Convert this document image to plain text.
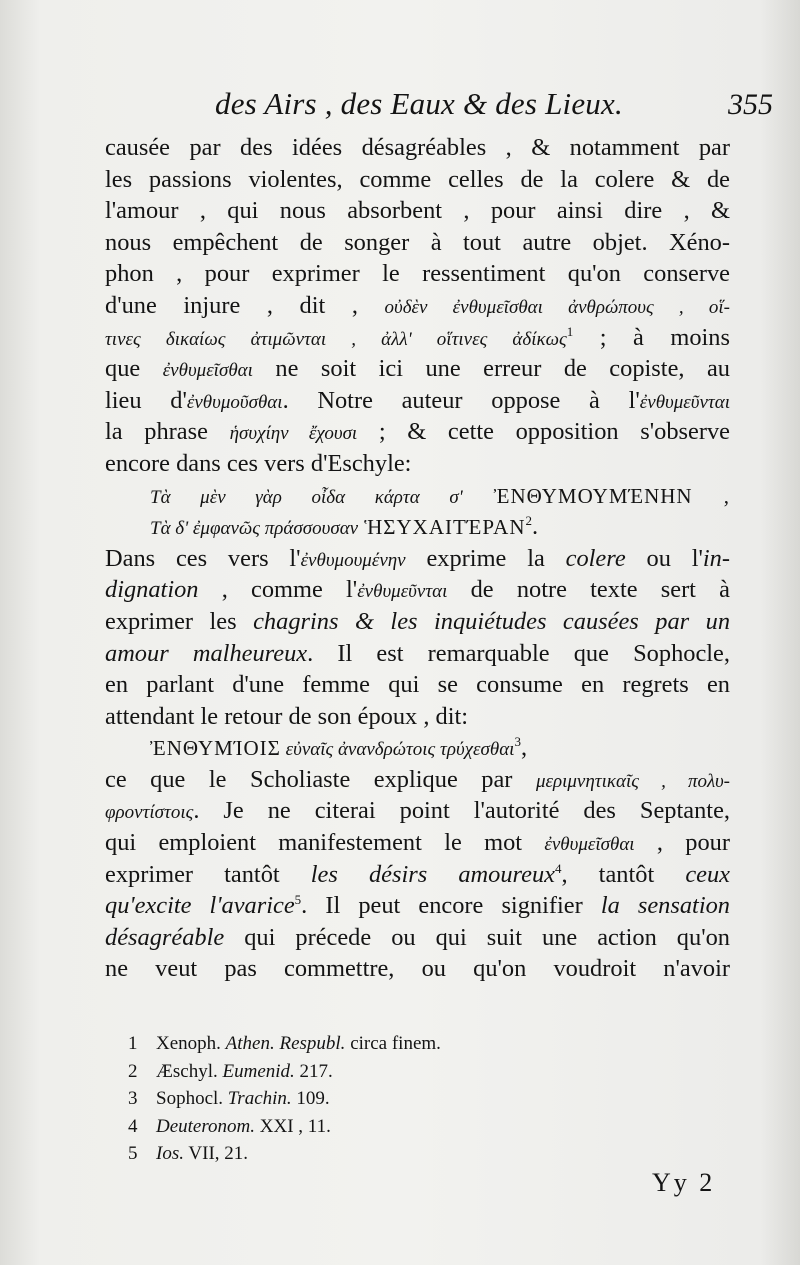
des Airs , des Eaux & des Lieux.	355
causée par des idées désagréables , & notamment par
les passions violentes, comme celles de la colere & de
l'amour , qui nous absorbent , pour ainsi dire , &
nous empêchent de songer à tout autre objet. Xéno-
phon , pour exprimer le ressentiment qu'on conserve
d'une injure , dit , οὐδὲν ἐνθυμεῖσθαι ἀνθρώπους , οἵ-
τινες δικαίως ἀτιμῶνται , ἀλλ' οἵτινες ἀδίκως$^1$ ; à moins
que ἐνθυμεῖσθαι ne soit ici une erreur de copiste, au
lieu d'ἐνθυμοῦσθαι. Notre auteur oppose à l'ἐνθυμεῦνται
la phrase ἡσυχίην ἔχουσι ; & cette opposition s'observe
encore dans ces vers d'Eschyle:
Τὰ μὲν γὰρ οἶδα κάρτα σ' ἘΝΘΥΜΟΥΜΈΝΗΝ ,
Τὰ δ' ἐμφανῶς πράσσουσαν ἩΣΥΧΑΙΤΈΡΑΝ$^2$.
Dans ces vers l'ἐνθυμουμένην exprime la colere ou l'in-
dignation , comme l'ἐνθυμεῦνται de notre texte sert à
exprimer les chagrins & les inquiétudes causées par un
amour malheureux. Il est remarquable que Sophocle,
en parlant d'une femme qui se consume en regrets en
attendant le retour de son époux , dit:
ἘΝΘΥΜΊΟΙΣ εὐναῖς ἀνανδρώτοις τρύχεσθαι$^3$,
ce que le Scholiaste explique par μεριμνητικαῖς , πολυ-
φροντίστοις. Je ne citerai point l'autorité des Septante,
qui emploient manifestement le mot ἐνθυμεῖσθαι , pour
exprimer tantôt les désirs amoureux$^4$, tantôt ceux
qu'excite l'avarice$^5$. Il peut encore signifier la sensation
désagréable qui précede ou qui suit une action qu'on
ne veut pas commettre, ou qu'on voudroit n'avoir
1 Xenoph. Athen. Respubl. circa finem.
2 Æschyl. Eumenid. 217.
3 Sophocl. Trachin. 109.
4 Deuteronom. XXI , 11.
5 Ios. VII, 21.
Yy 2
